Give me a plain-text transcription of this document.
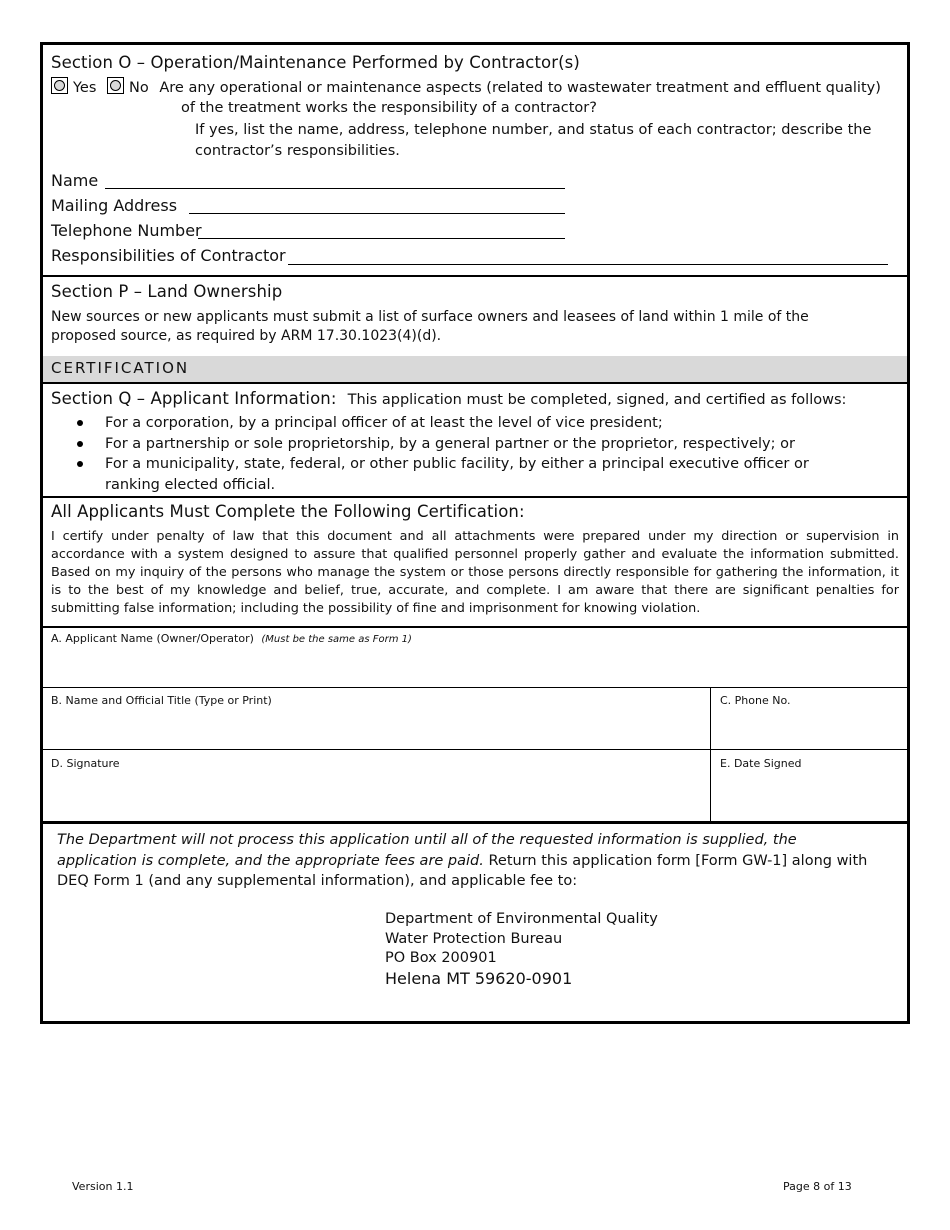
Section O – Operation/Maintenance Performed by Contractor(s)
Yes No Are any operational or maintenance aspects (related to wastewater treatment and effluent quality)
of the treatment works the responsibility of a contractor?
If yes, list the name, address, telephone number, and status of each contractor; describe the
contractor’s responsibilities.
Name
Mailing Address
Telephone Number
Responsibilities of Contractor
Section P – Land Ownership
New sources or new applicants must submit a list of surface owners and leasees of land within 1 mile of the proposed source, as required by ARM 17.30.1023(4)(d).
CERTIFICATION
Section Q – Applicant Information: This application must be completed, signed, and certified as follows:
For a corporation, by a principal officer of at least the level of vice president;
For a partnership or sole proprietorship, by a general partner or the proprietor, respectively; or
For a municipality, state, federal, or other public facility, by either a principal executive officer or ranking elected official.
All Applicants Must Complete the Following Certification:
I certify under penalty of law that this document and all attachments were prepared under my direction or supervision in accordance with a system designed to assure that qualified personnel properly gather and evaluate the information submitted. Based on my inquiry of the persons who manage the system or those persons directly responsible for gathering the information, it is to the best of my knowledge and belief, true, accurate, and complete. I am aware that there are significant penalties for submitting false information; including the possibility of fine and imprisonment for knowing violation.
A. Applicant Name (Owner/Operator) (Must be the same as Form 1)
B. Name and Official Title (Type or Print)	C. Phone No.
D. Signature	E. Date Signed
The Department will not process this application until all of the requested information is supplied, the application is complete, and the appropriate fees are paid. Return this application form [Form GW-1] along with DEQ Form 1 (and any supplemental information), and applicable fee to:
Department of Environmental Quality
Water Protection Bureau
PO Box 200901
Helena MT 59620-0901
Version 1.1	Page 8 of 13
